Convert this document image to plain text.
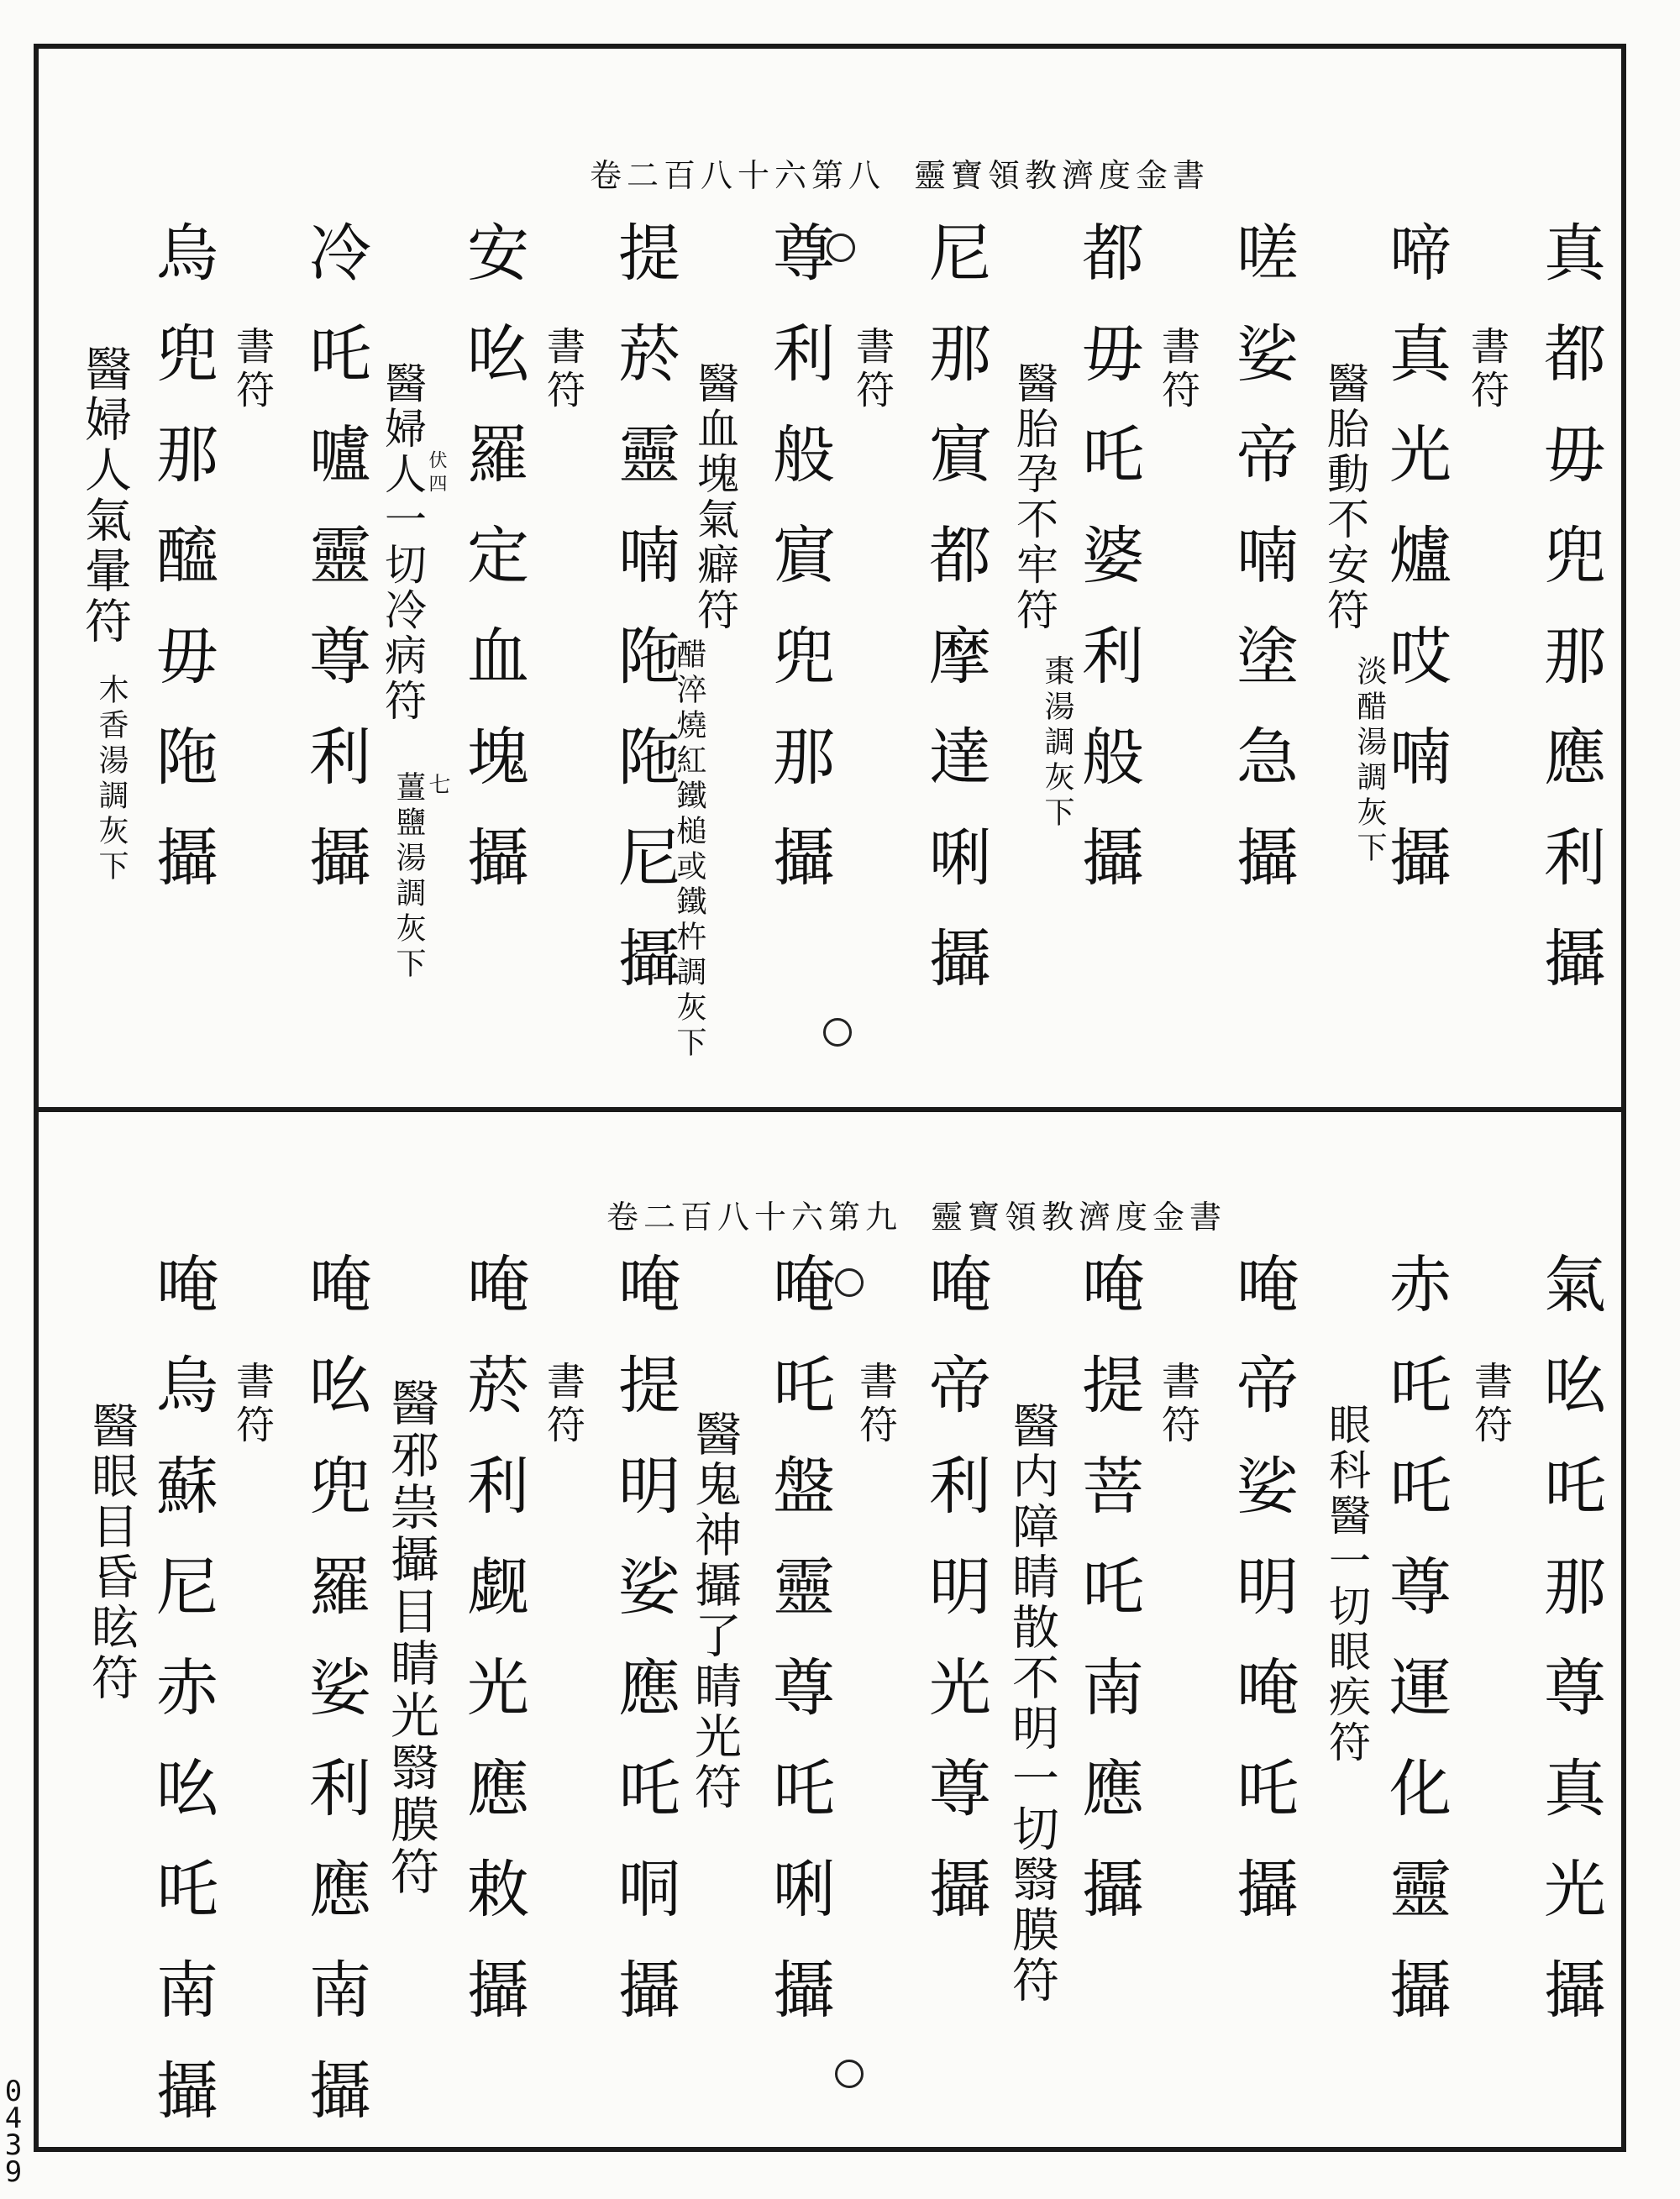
靈寶領教濟度金書
卷二百八十六第八
真都毋兜那應利攝
啼真光爐哎喃攝 書符
醫胎動不安符
淡醋湯調灰下
嗟娑帝喃塗急攝
都毋吒婆利般攝 書符
醫胎孕不牢符
棗湯調灰下
尼那賔都摩達唎攝
尊利般賔兜那攝 書符
醫血塊氣癖符
醋淬燒紅鐵槌或鐵杵調灰下
提菸靈喃陁陁尼攝
安吆羅定血塊攝 書符
伏四
醫婦人一切冷病符
七
薑鹽湯調灰下
冷吒嚧靈尊利攝
烏兜那醯毋陁攝 書符
醫婦人氣暈符
木香湯調灰下
靈寶領教濟度金書
卷二百八十六第九
氣吆吒那尊真光攝
赤吒吒尊運化靈攝 書符
眼科醫一切眼疾符
唵帝娑明唵吒攝
唵提菩吒南應攝 書符
醫内障睛散不明一切翳膜符
唵帝利明光尊攝
唵吒盤靈尊吒唎攝 書符
醫鬼神攝了睛光符
唵提明娑應吒哃攝
唵菸利觑光應敕攝 書符
醫邪祟攝目睛光翳膜符
唵吆兜羅娑利應南攝
唵烏蘇尼赤吆吒南攝 書符
醫眼目昏眩符
0
4
3
9
